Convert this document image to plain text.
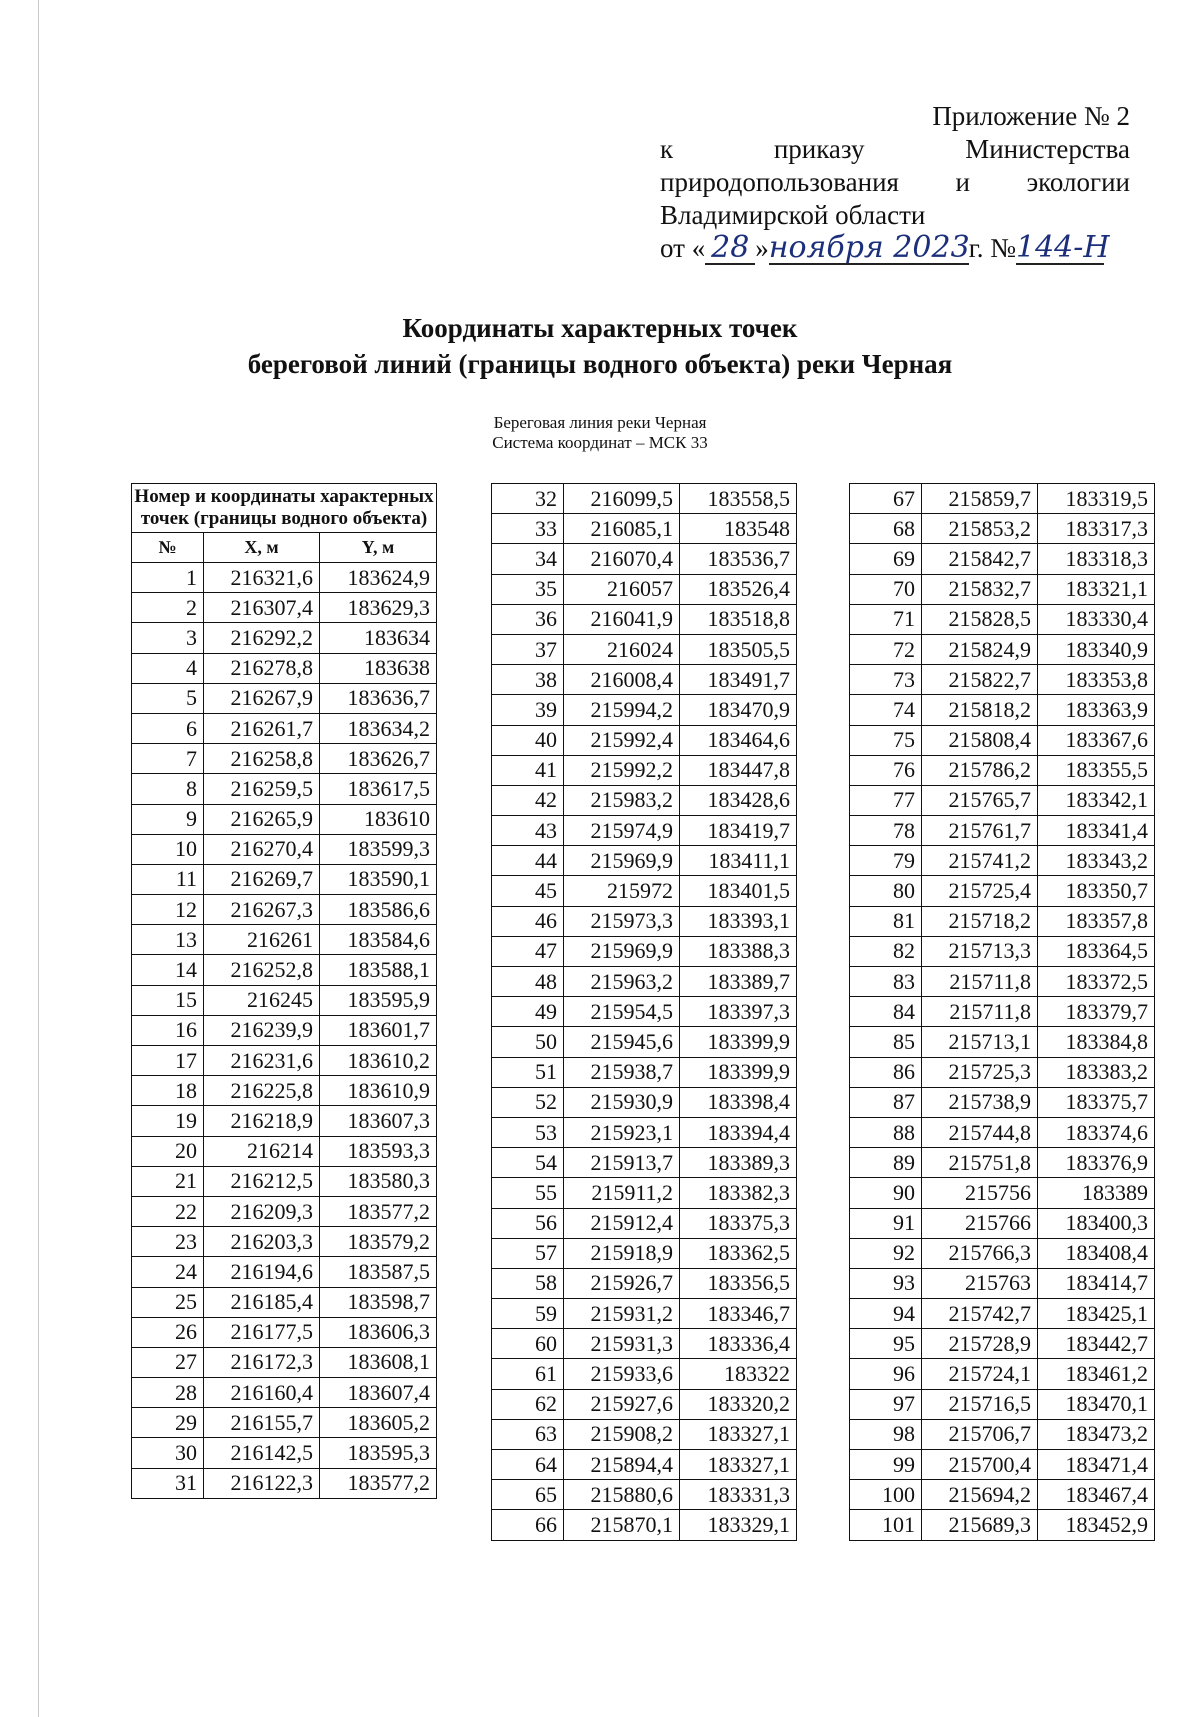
Приложение № 2
к	приказу	Министерства
природопользования и экологии
Владимирской области
от « 28 » ноября 2023 г. № 144-Н
Координаты характерных точек
береговой линий (границы водного объекта) реки Черная
Береговая линия реки Черная
Система координат – МСК 33
Номер и координаты характерных точек (границы водного объекта)		
№	X, м	Y, м
1	216321,6	183624,9
2	216307,4	183629,3
3	216292,2	183634
4	216278,8	183638
5	216267,9	183636,7
6	216261,7	183634,2
7	216258,8	183626,7
8	216259,5	183617,5
9	216265,9	183610
10	216270,4	183599,3
11	216269,7	183590,1
12	216267,3	183586,6
13	216261	183584,6
14	216252,8	183588,1
15	216245	183595,9
16	216239,9	183601,7
17	216231,6	183610,2
18	216225,8	183610,9
19	216218,9	183607,3
20	216214	183593,3
21	216212,5	183580,3
22	216209,3	183577,2
23	216203,3	183579,2
24	216194,6	183587,5
25	216185,4	183598,7
26	216177,5	183606,3
27	216172,3	183608,1
28	216160,4	183607,4
29	216155,7	183605,2
30	216142,5	183595,3
31	216122,3	183577,2
32	216099,5	183558,5
33	216085,1	183548
34	216070,4	183536,7
35	216057	183526,4
36	216041,9	183518,8
37	216024	183505,5
38	216008,4	183491,7
39	215994,2	183470,9
40	215992,4	183464,6
41	215992,2	183447,8
42	215983,2	183428,6
43	215974,9	183419,7
44	215969,9	183411,1
45	215972	183401,5
46	215973,3	183393,1
47	215969,9	183388,3
48	215963,2	183389,7
49	215954,5	183397,3
50	215945,6	183399,9
51	215938,7	183399,9
52	215930,9	183398,4
53	215923,1	183394,4
54	215913,7	183389,3
55	215911,2	183382,3
56	215912,4	183375,3
57	215918,9	183362,5
58	215926,7	183356,5
59	215931,2	183346,7
60	215931,3	183336,4
61	215933,6	183322
62	215927,6	183320,2
63	215908,2	183327,1
64	215894,4	183327,1
65	215880,6	183331,3
66	215870,1	183329,1
67	215859,7	183319,5
68	215853,2	183317,3
69	215842,7	183318,3
70	215832,7	183321,1
71	215828,5	183330,4
72	215824,9	183340,9
73	215822,7	183353,8
74	215818,2	183363,9
75	215808,4	183367,6
76	215786,2	183355,5
77	215765,7	183342,1
78	215761,7	183341,4
79	215741,2	183343,2
80	215725,4	183350,7
81	215718,2	183357,8
82	215713,3	183364,5
83	215711,8	183372,5
84	215711,8	183379,7
85	215713,1	183384,8
86	215725,3	183383,2
87	215738,9	183375,7
88	215744,8	183374,6
89	215751,8	183376,9
90	215756	183389
91	215766	183400,3
92	215766,3	183408,4
93	215763	183414,7
94	215742,7	183425,1
95	215728,9	183442,7
96	215724,1	183461,2
97	215716,5	183470,1
98	215706,7	183473,2
99	215700,4	183471,4
100	215694,2	183467,4
101	215689,3	183452,9
